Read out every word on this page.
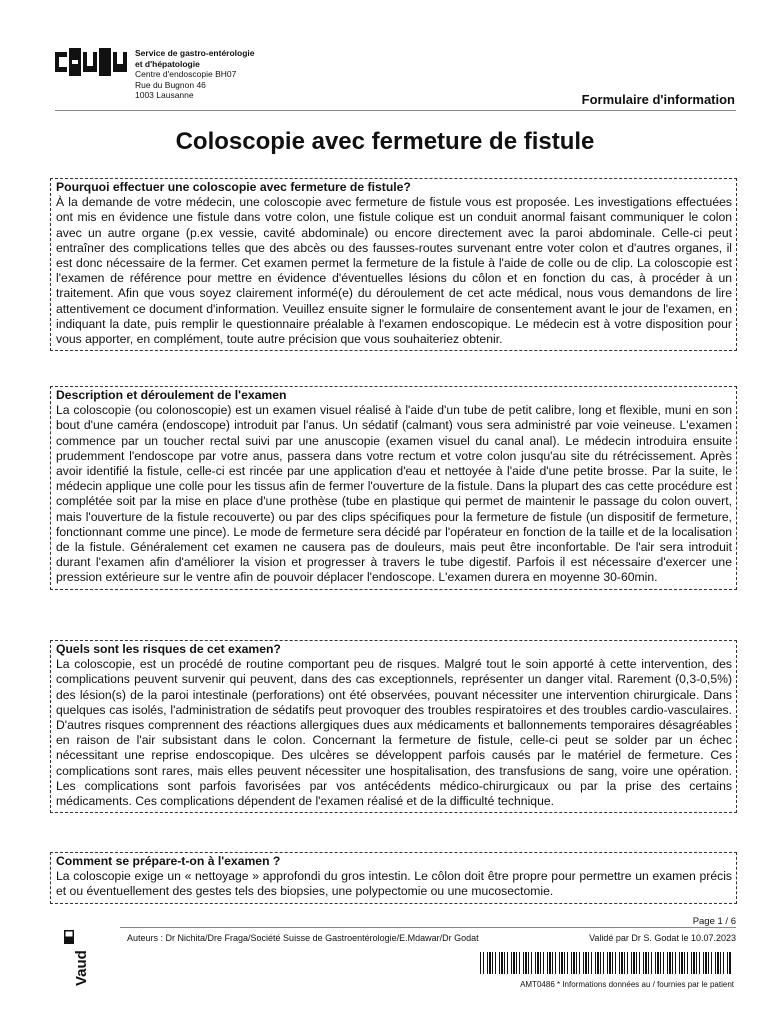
Service de gastro-entérologie
et d'hépatologie
Centre d'endoscopie BH07
Rue du Bugnon 46
1003 Lausanne	Formulaire d'information
Coloscopie avec fermeture de fistule
Pourquoi effectuer une coloscopie avec fermeture de fistule?

À la demande de votre médecin, une coloscopie avec fermeture de fistule vous est proposée. Les investigations effectuées ont mis en évidence une fistule dans votre colon, une fistule colique est un conduit anormal faisant communiquer le colon avec un autre organe (p.ex vessie, cavité abdominale) ou encore directement avec la paroi abdominale. Celle-ci peut entraîner des complications telles que des abcès ou des fausses-routes survenant entre voter colon et d'autres organes, il est donc nécessaire de la fermer. Cet examen permet la fermeture de la fistule à l'aide de colle ou de clip. La coloscopie est l'examen de référence pour mettre en évidence d'éventuelles lésions du côlon et en fonction du cas, à procéder à un traitement. Afin que vous soyez clairement informé(e) du déroulement de cet acte médical, nous vous demandons de lire attentivement ce document d'information. Veuillez ensuite signer le formulaire de consentement avant le jour de l'examen, en indiquant la date, puis remplir le questionnaire préalable à l'examen endoscopique. Le médecin est à votre disposition pour vous apporter, en complément, toute autre précision que vous souhaiteriez obtenir.

Description et déroulement de l'examen

La coloscopie (ou colonoscopie) est un examen visuel réalisé à l'aide d'un tube de petit calibre, long et flexible, muni en son bout d'une caméra (endoscope) introduit par l'anus. Un sédatif (calmant) vous sera administré par voie veineuse. L'examen commence par un toucher rectal suivi par une anuscopie (examen visuel du canal anal). Le médecin introduira ensuite prudemment l'endoscope par votre anus, passera dans votre rectum et votre colon jusqu'au site du rétrécissement. Après avoir identifié la fistule, celle-ci est rincée par une application d'eau et nettoyée à l'aide d'une petite brosse. Par la suite, le médecin applique une colle pour les tissus afin de fermer l'ouverture de la fistule. Dans la plupart des cas cette procédure est complétée soit par la mise en place d'une prothèse (tube en plastique qui permet de maintenir le passage du colon ouvert, mais l'ouverture de la fistule recouverte) ou par des clips spécifiques pour la fermeture de fistule (un dispositif de fermeture, fonctionnant comme une pince). Le mode de fermeture sera décidé par l'opérateur en fonction de la taille et de la localisation de la fistule. Généralement cet examen ne causera pas de douleurs, mais peut être inconfortable. De l'air sera introduit durant l'examen afin d'améliorer la vision et progresser à travers le tube digestif. Parfois il est nécessaire d'exercer une pression extérieure sur le ventre afin de pouvoir déplacer l'endoscope. L'examen durera en moyenne 30-60min.

Quels sont les risques de cet examen?

La coloscopie, est un procédé de routine comportant peu de risques. Malgré tout le soin apporté à cette intervention, des complications peuvent survenir qui peuvent, dans des cas exceptionnels, représenter un danger vital. Rarement (0,3-0,5%) des lésion(s) de la paroi intestinale (perforations) ont été observées, pouvant nécessiter une intervention chirurgicale. Dans quelques cas isolés, l'administration de sédatifs peut provoquer des troubles respiratoires et des troubles cardio-vasculaires. D'autres risques comprennent des réactions allergiques dues aux médicaments et ballonnements temporaires désagréables en raison de l'air subsistant dans le colon. Concernant la fermeture de fistule, celle-ci peut se solder par un échec nécessitant une reprise endoscopique. Des ulcères se développent parfois causés par le matériel de fermeture. Ces complications sont rares, mais elles peuvent nécessiter une hospitalisation, des transfusions de sang, voire une opération. Les complications sont parfois favorisées par vos antécédents médico-chirurgicaux ou par la prise des certains médicaments. Ces complications dépendent de l'examen réalisé et de la difficulté technique.

Comment se prépare-t-on à l'examen ?

La coloscopie exige un « nettoyage » approfondi du gros intestin. Le côlon doit être propre pour permettre un examen précis et ou éventuellement des gestes tels des biopsies, une polypectomie ou une mucosectomie.

Page 1 / 6
Auteurs : Dr Nichita/Dre Fraga/Société Suisse de Gastroentérologie/E.Mdawar/Dr Godat	Validé par Dr S. Godat le 10.07.2023
Vaud	AMT0486 * Informations données au / fournies par le patient
